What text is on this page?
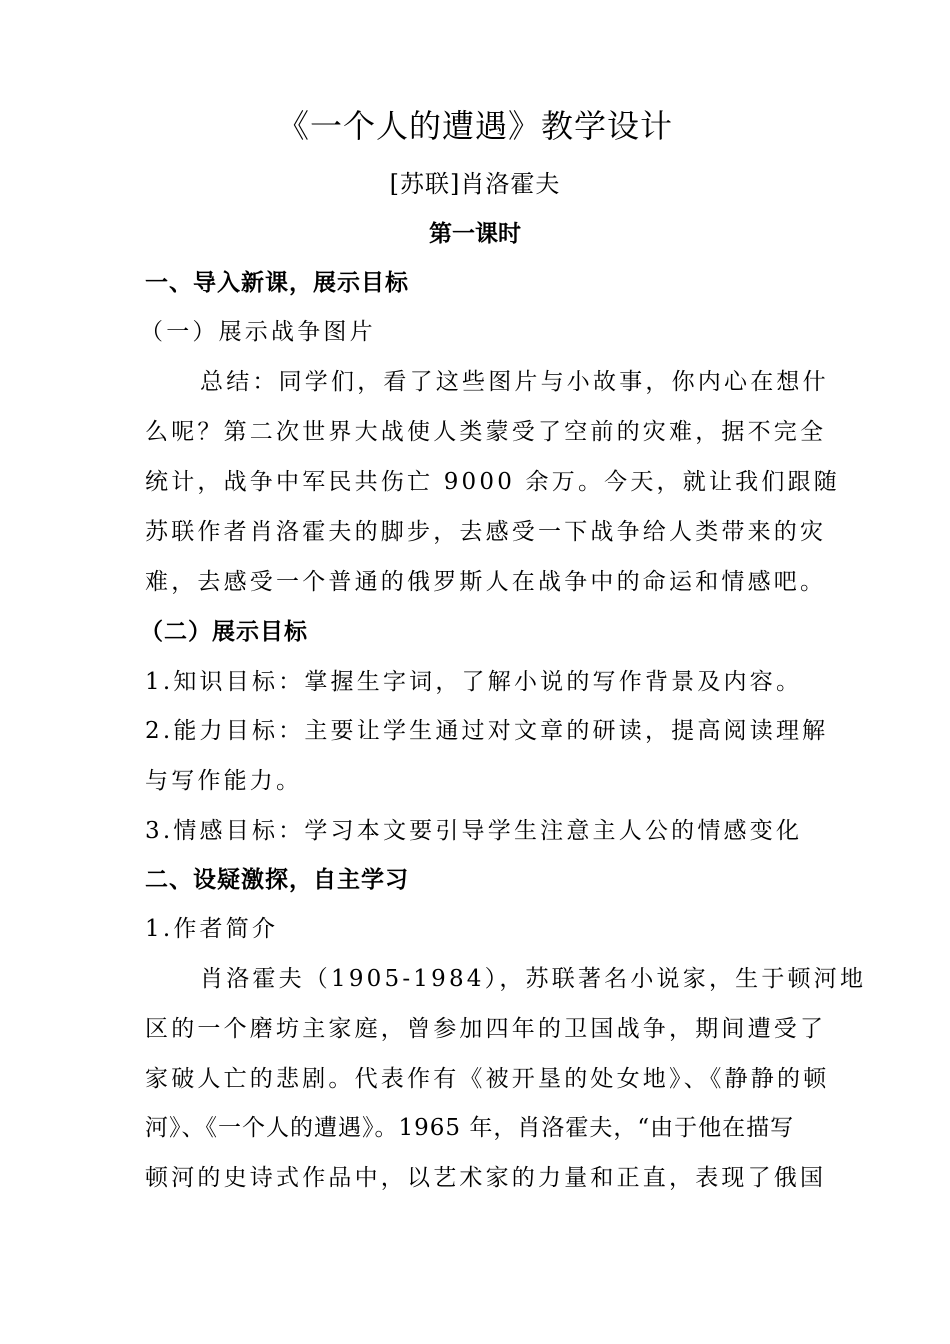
《一个人的遭遇》教学设计
[苏联]肖洛霍夫
第一课时
一、导入新课，展示目标
（一）展示战争图片
总结：同学们，看了这些图片与小故事，你内心在想什
么呢？第二次世界大战使人类蒙受了空前的灾难，据不完全
统计，战争中军民共伤亡 9000 余万。今天，就让我们跟随
苏联作者肖洛霍夫的脚步，去感受一下战争给人类带来的灾
难，去感受一个普通的俄罗斯人在战争中的命运和情感吧。
（二）展示目标
1.知识目标：掌握生字词，了解小说的写作背景及内容。
2.能力目标：主要让学生通过对文章的研读，提高阅读理解
与写作能力。
3.情感目标：学习本文要引导学生注意主人公的情感变化
二、设疑激探，自主学习
1.作者简介
肖洛霍夫（1905-1984），苏联著名小说家，生于顿河地
区的一个磨坊主家庭，曾参加四年的卫国战争，期间遭受了
家破人亡的悲剧。代表作有《被开垦的处女地》、《静静的顿
河》、《一个人的遭遇》。1965 年，肖洛霍夫，“由于他在描写
顿河的史诗式作品中，以艺术家的力量和正直，表现了俄国
